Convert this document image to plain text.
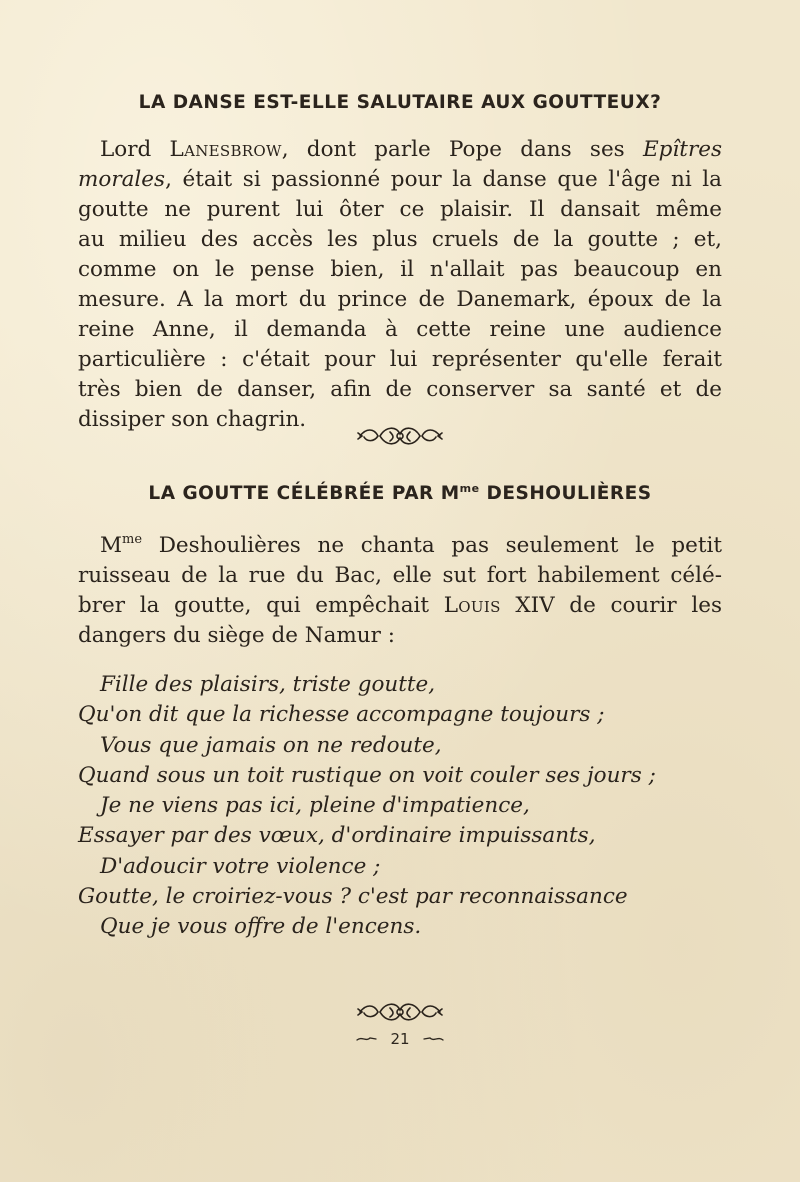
LA DANSE EST-ELLE SALUTAIRE AUX GOUTTEUX?
Lord Lanesbrow, dont parle Pope dans ses Epîtres
morales, était si passionné pour la danse que l'âge ni la
goutte ne purent lui ôter ce plaisir. Il dansait même
au milieu des accès les plus cruels de la goutte ; et,
comme on le pense bien, il n'allait pas beaucoup en
mesure. A la mort du prince de Danemark, époux de la
reine Anne, il demanda à cette reine une audience
particulière : c'était pour lui représenter qu'elle ferait
très bien de danser, afin de conserver sa santé et de
dissiper son chagrin.
LA GOUTTE CÉLÉBRÉE PAR $M^{me}$ DESHOULIÈRES
$M^{me}$ Deshoulières ne chanta pas seulement le petit
ruisseau de la rue du Bac, elle sut fort habilement célé-
brer la goutte, qui empêchait Louis XIV de courir les
dangers du siège de Namur :
Fille des plaisirs, triste goutte,
Qu'on dit que la richesse accompagne toujours ;
Vous que jamais on ne redoute,
Quand sous un toit rustique on voit couler ses jours ;
Je ne viens pas ici, pleine d'impatience,
Essayer par des vœux, d'ordinaire impuissants,
D'adoucir votre violence ;
Goutte, le croiriez-vous ? c'est par reconnaissance
Que je vous offre de l'encens.
21
